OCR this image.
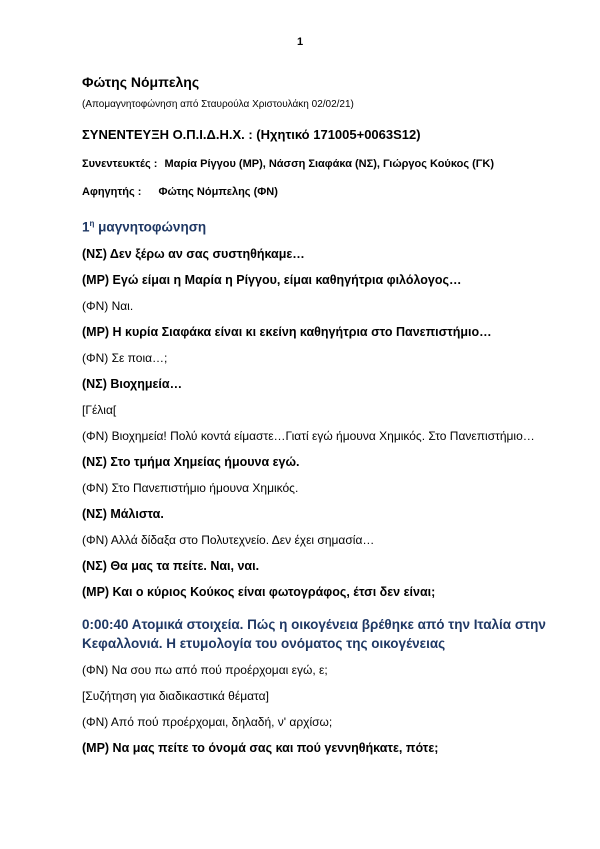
1
Φώτης Νόμπελης
(Απομαγνητοφώνηση από Σταυρούλα Χριστουλάκη 02/02/21)
ΣΥΝΕΝΤΕΥΞΗ Ο.Π.Ι.Δ.Η.Χ. : (Ηχητικό 171005+0063S12)
Συνεντευκτές : Μαρία Ρίγγου (ΜΡ), Νάσση Σιαφάκα (ΝΣ), Γιώργος Κούκος (ΓΚ)
Αφηγητής : Φώτης Νόμπελης (ΦΝ)
$1^\eta$ μαγνητοφώνηση
(ΝΣ) Δεν ξέρω αν σας συστηθήκαμε…
(ΜΡ) Εγώ είμαι η Μαρία η Ρίγγου, είμαι καθηγήτρια φιλόλογος…
(ΦΝ) Ναι.
(ΜΡ) Η κυρία Σιαφάκα είναι κι εκείνη καθηγήτρια στο Πανεπιστήμιο…
(ΦΝ) Σε ποια…;
(ΝΣ) Βιοχημεία…
[Γέλια[
(ΦΝ) Βιοχημεία! Πολύ κοντά είμαστε…Γιατί εγώ ήμουνα Χημικός. Στο Πανεπιστήμιο…
(ΝΣ) Στο τμήμα Χημείας ήμουνα εγώ.
(ΦΝ) Στο Πανεπιστήμιο ήμουνα Χημικός.
(ΝΣ) Μάλιστα.
(ΦΝ) Αλλά δίδαξα στο Πολυτεχνείο. Δεν έχει σημασία…
(ΝΣ) Θα μας τα πείτε. Ναι, ναι.
(ΜΡ) Και ο κύριος Κούκος είναι φωτογράφος, έτσι δεν είναι;
0:00:40 Ατομικά στοιχεία. Πώς η οικογένεια βρέθηκε από την Ιταλία στην Κεφαλλονιά. Η ετυμολογία του ονόματος της οικογένειας
(ΦΝ) Να σου πω από πού προέρχομαι εγώ, ε;
[Συζήτηση για διαδικαστικά θέματα]
(ΦΝ) Από πού προέρχομαι, δηλαδή, ν' αρχίσω;
(ΜΡ) Να μας πείτε το όνομά σας και πού γεννηθήκατε, πότε;
